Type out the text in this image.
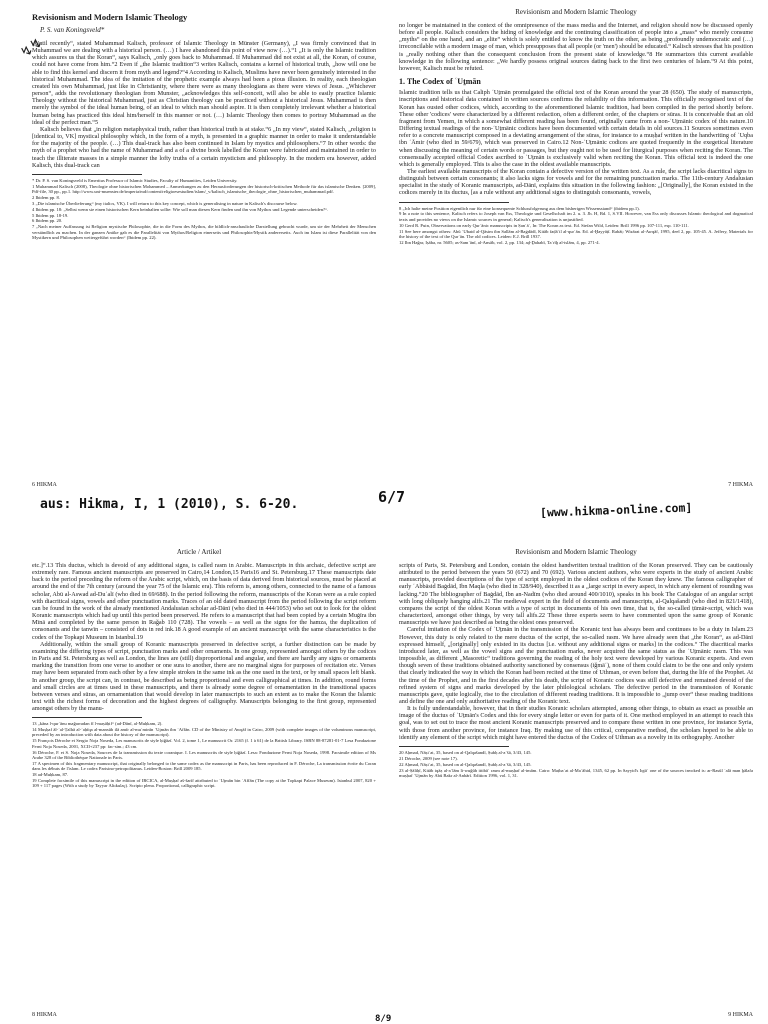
↯↯
Revisionism and Modern Islamic Theology
P. S. van Koningsveld*

„Until recently“, stated Muhammad Kalisch, professor of Islamic Theology in Münster (Germany), „I was firmly convinced that in Muhammad we are dealing with a historical person. (…) I have abandoned this point of view now (…).“1 „It is only the Islamic tradition which assures us that the Koran“, says Kalisch, „only goes back to Muhammad. If Muhammad did not exist at all, the Koran, of course, could not have come from him.“2 Even if „the Islamic tradition“3 writes Kalisch, contains a kernel of historical truth, „how will one be able to find this kernel and discern it from myth and legend?“4 According to Kalisch, Muslims have never been genuinely interested in the historical Muhammad. The idea of the imitation of the prophetic example always had been a pious illusion. In reality, each theologian created his own Muhammad, just like in Christianity, where there were as many theologians as there were views of Jesus. „Whichever person“, adds the revolutionary theologian from Munster, „acknowledges this self-conceit, will also be able to easily practice Islamic Theology without the historical Muhammad, just as Christian theology can be practiced without a historical Jesus. Muhammad is then merely the symbol of the ideal human being, of an ideal to which man should aspire. It is then completely irrelevant whether a historical human being has practiced this ideal him/herself in this manner or not. (…) Islamic Theology then comes to portray Muhammad as the ideal of the perfect man.“5

Kalisch believes that „in religion metaphysical truth, rather than historical truth is at stake.“6 „In my view“, stated Kalisch, „religion is [identical to, VK] mystical philosophy which, in the form of a myth, is presented in a graphic manner in order to make it understandable for the majority of the people. (…) This dual-track has also been continued in Islam by mystics and philosophers.“7 In other words: the myth of a prophet who had the name of Muhammad and a of a divine book labelled the Koran were fabricated and maintained in order to teach the illiterate masses in a simple manner the lofty truths of a certain mysticism and philosophy. In the modern era however, added Kalisch, this dual-track can

* Dr. P. S. van Koningsveld is Emeritus Professor of Islamic Studies, Faculty of Humanities, Leiden University.
1 Muhammad Kalisch (2008), Theologie ohne historischen Mohammed – Anmerkungen zu den Herausforderungen der historisch-kritischen Methode für das islamische Denken. [2009], Pdf-file, 30 pp., pp.1. http://www.uni-muenster.de/imperia/md/content/religioesestudien/islam/_v/kalisch_islamische_theologie_ohne_historischen_muhammad.pdf.
2 Ibidem pp. 8.
3 „Die islamische Überlieferung“ (my italics, VK). I will return to this key concept, which is generalising in nature in Kalisch's discourse below.
4 Ibidem pp. 18: „Selbst wenn sie einen historischen Kern beinhalten sollte: Wie soll man diesen Kern finden und ihn von Mythos und Legende unterscheiden?“.
5 Ibidem pp. 18-19.
6 Ibidem pp. 20.
7 „Nach meiner Auffassung ist Religion mystische Philosophie, die in die Form des Mythos, die bildlich-anschauliche Darstellung gebracht wurde, um sie der Mehrheit der Menschen verständlich zu machen. In der ganzen Antike gab es die Parallelität von Mythos/Religion einerseits und Philosophie/Mystik andererseits. Auch im Islam ist diese Parallelität von den Mystikern und Philosophen weitergeführt worden“ (Ibidem pp. 22).
6 HIKMA
Revisionism and Modern Islamic Theology

no longer be maintained in the context of the omnipresence of the mass media and the Internet, and religion should now be discussed openly before all people. Kalisch considers the hiding of knowledge and the continuing classification of people into a „mass“ who merely consume „myths“ on the one hand, and an „elite“ which is solely entitled to know the truth on the other, as being „profoundly undemocratic and (…) irreconcilable with a modern image of man, which presupposes that all people (or 'men') should be educated.“ Kalisch stresses that his position is „really nothing other than the consequent conclusion from the present state of knowledge.“8 He summarizes this current available knowledge in the following sentence: „We hardly possess original sources dating back to the first two centuries of Islam.“9 At this point, however, Kalisch must be refuted.

1. The Codex of ʿUṯmān

Islamic tradition tells us that Caliph ʿUṯmān promulgated the official text of the Koran around the year 28 (650). The study of manuscripts, inscriptions and historical data contained in written sources confirms the reliability of this information. This officially recognised text of the Koran has ousted other codices, which, according to the aforementioned Islamic tradition, had been compiled in the period shortly before. These other 'codices' were characterized by a different redaction, often a different order, of the chapters or sūras. It is conceivable that an old fragment from Yemen, in which a somewhat different reading has been found, originally came from a non-ʿUṯmānic codex of this nature.10 Differing textual readings of the non-ʿUṯmānic codices have been documented with certain details in old sources.11 Sources sometimes even refer to a concrete manuscript composed in a deviating arrangement of the sūras, for instance to a muṣḥaf written in the handwriting of ʿUqba ibn ʿĀmir (who died in 59/679), which was preserved in Cairo.12 Non-ʿUṯmānic codices are quoted frequently in the exegetical literature when discussing the meaning of certain words or passages, but they ought not to be used for liturgical purposes when reciting the Koran. The consensually accepted official Codex ascribed to ʿUṯmān is exclusively valid when reciting the Koran. This official text is indeed the one which is generally employed. This is also the case in the oldest available manuscripts.

The earliest available manuscripts of the Koran contain a defective version of the written text. As a rule, the script lacks diacritical signs to distinguish between certain consonants; it also lacks signs for vowels and for the remaining punctuation marks. The 11th-century Andalusian specialist in the study of Koranic manuscripts, ad-Dānī, explains this situation in the following fashion: „[Originally], the Koran existed in the codices merely in its ductus, [as a rule without any additional signs to distinguish consonants, vowels,

8 „Ich halte meine Position eigentlich nur für eine konsequente Schlussfolgerung aus dem bisherigen Wissensstand“ (ibidem pp.1).
9 In a note to this sentence, Kalisch refers to Joseph van Ess, Theologie und Gesellschaft im 2. u. 3. Jh. H, Bd. 1, S.VII. However, van Ess only discusses Islamic theological and dogmatical texts and provides no views on the Islamic sources in general; Kalisch's generalisation is unjustified.
10 Gerd R. Puin, Observations on early Qurʾānic manuscripts in Ṣanʿāʾ, In: The Koran as text. Ed. Stefan Wild, Leiden: Brill 1996 pp. 107-111, esp. 110-111.
11 See here amongst others: Abū ʿUbaid al-Qāsim ibn Sallām al-Baġdādī, Kitāb faḍāʾil al-qurʾān. Ed. al-Ḫayyāṭī. Rabāṭ: Wizārat al-Awqāf, 1995, deel 2, pp. 105-45. A. Jeffery, Materials for the history of the text of the Qurʾān. The old codices. Leiden: E.J. Brill 1937.
12 Ibn Haǧar, Iṣāba, nr. 5605; as-Samʿānī, al-Ansāb, vol. 2, pp. 134; aḏ-Ḏahabī, Taʾrīḫ al-islām, 4, pp. 271-4.
7 HIKMA
aus: Hikma, I, 1 (2010), S. 6-20.	6/7
[www.hikma-online.com]
Article / Artikel

etc.]“.13 This ductus, which is devoid of any additional signs, is called rasm in Arabic. Manuscripts in this archaic, defective script are extremely rare. Famous ancient manuscripts are preserved in Cairo,14 London,15 Paris16 and St. Petersburg.17 These manuscripts date back to the period preceding the reform of the Arabic script, which, on the basis of data derived from historical sources, must be placed at around the end of the 7th century (around the year 75 of the Islamic era). This reform is, among others, connected to the name of a famous scholar, Abū al-Aswad ad-Duʾalī (who died in 69/688). In the period following the reform, manuscripts of the Koran were as a rule copied with diacritical signs, vowels and other punctuation marks. Traces of an old dated manuscript from the period following the script reform can be found in the work of the already mentioned Andalusian scholar ad-Dānī (who died in 444/1053) who set out to look for the oldest Koranic manuscripts which had up until this period been preserved. He refers to a manuscript that had been copied by a certain Muġīra ibn Mīnā and completed by the same person in Raǧab 110 (728). The vowels – as well as the signs for the hamza, the duplication of consonants and the tanwīn – consisted of dots in red ink.18 A good example of an ancient manuscript with the same characteristics is the codex of the Topkapi Museum in Istanbul.19

Additionally, within the small group of Koranic manuscripts preserved in defective script, a further distinction can be made by examining the differing types of script, punctuation marks and other ornaments. In one group, represented amongst others by the codices in Paris and St. Petersburg as well as London, the lines are (still) disproportional and angular, and there are hardly any signs or ornaments marking the transition from one verse to another or one sura to another, there are no marginal signs for purposes of recitation etc. Verses may have been separated from each other by a few simple strokes in the same ink as the one used in the text, or by small spaces left blank. In another group, the script can, in contrast, be described as being proportional and even calligraphical at times. In addition, round forms and small circles are at times used in these manuscripts, and there is already some degree of ornamentation in the transitional spaces between verses and sūras, an ornamentation that would develop in later manuscripts to such an extent as to make the Koran the Islamic text with the richest forms of decoration and the highest degrees of calligraphy. Manuscripts belonging to the first group, represented amongst others by the manu-

13 „kāna l-qurʾānu maǧarradan fī l-maṣāḥif“ (ad-Dānī, al-Muḥkam, 2).
14 Muṣḥaf āl-ʿal-Ṭalhā al-ʿaḥīqa al-mansūb ilā amīr al-muʾminīn ʿUṯmān ibn ʿAffān. CD of the Ministry of Awqāf in Cairo, 2009 (with complete images of the voluminous manuscript, preceded by an introduction with data about the history of the manuscript).
15 François Déroche et Sergio Noja Noseda, Les manuscrits de style ḥiǧāzī. Vol. 2, tome 1, Le manuscrit Or. 2165 (f. 1 à 61) de la British Library. ISBN 88-87281-01-7 Lesa Fondazione Ferni Noja Noseda, 2001, XCII+237 pp: fac-sim.; 43 cm.
16 Déroche, F. et S. Noja Noseda, Sources de la transmission du texte coranique. I. Les manuscrits de style ḥiǧāzī. Lesa: Fondazione Ferni Noja Noseda, 1998. Facsimile edition of Ms Arabe 328 of the Bibliothèque Nationale in Paris.
17 A specimen of this fragmentary manuscript, that originally belonged to the same codex as the manuscript in Paris, has been reproduced in F. Déroche, La transmission écrite du Coran dans les débuts de l'islam. Le codex Parisino-petropolitanus. Leiden-Boston: Brill 2009 185.
18 ad-Muḥkam, 87.
19 Complete facsimile of this manuscript in the edition of IRCICA, al-Muṣḥaf aš-šarīf attributed to ʿUṯmān bin ʿAffān (The copy at the Topkapi Palace Museum). Istanbul 2007, 820 + 109 + 117 pages (With a study by Tayyar Altıkulaç). Scripto plena. Proportional, calligraphic script.
8 HIKMA
Revisionism and Modern Islamic Theology

scripts of Paris, St. Petersburg and London, contain the oldest handwritten textual tradition of the Koran preserved. They can be cautiously attributed to the period between the years 50 (672) and 70 (692). Various ancient authors, who were experts in the study of ancient Arabic manuscripts, provided descriptions of the type of script employed in the oldest codices of the Koran they knew. The famous calligrapher of early ʿAbbāsid Baġdād, Ibn Maqla (who died in 328/940), described it as a „large script in every aspect, in which any element of rounding was lacking.“20 The bibliographer of Baġdād, Ibn an-Nadīm (who died around 400/1010), speaks in his book The Catalogue of an angular script with long obliquely hanging alifs.21 The medieval expert in the field of documents and manuscripts, al-Qalqašandī (who died in 821/1418), compares the script of the oldest Koran with a type of script in documents of his own time, that is, the so-called ṭūmār-script, which was characterized, amongst other things, by very tall alifs.22 These three experts seem to have commented upon the same group of Koranic manuscripts we have just described as being the oldest ones preserved.

Careful imitation of the Codex of ʿUṯmān in the transmission of the Koranic text has always been and continues to be a duty in Islam.23 However, this duty is only related to the mere ductus of the script, the so-called rasm. We have already seen that „the Koran“, as ad-Dānī expressed himself, „[originally] only existed in its ductus [i.e. without any additional signs or marks] in the codices.“ The diacritical marks introduced later, as well as the vowel signs and the punctuation marks, never acquired the same status as the ʿUṯmānic rasm. This was impossible, as different „Masoretic“ traditions governing the reading of the holy text were developed by various Koranic experts. And even though seven of these traditions obtained authority sanctioned by consensus (iǧmāʿ), none of them could claim to be the one and only system that clearly indicated the way in which the Koran had been recited at the time of Uthman, or even before that, during the life of the Prophet. At the time of the Prophet, and in the first decades after his death, the script of Koranic codices was still defective and remained devoid of the refined system of signs and marks developed by the later philological scholars. The defective period in the transmission of Koranic manuscripts gave, quite logically, rise to the circulation of different reading traditions. It is impossible to „jump over“ these reading traditions and define the one and only authoritative reading of the Koranic text.

It is fully understandable, however, that in their studies Koranic scholars attempted, among other things, to obtain as exact as possible an image of the ductus of ʿUṯmān's Codex and this for every single letter or even for parts of it. One method employed in an attempt to reach this goal, was to set out to trace the most ancient Koranic manuscripts preserved and to compare these written in one province, for instance Syria, with those from another province, for instance Iraq. By making use of this critical, comparative method, the scholars hoped to be able to identify any element of the script which might have entered the ductus of the Codex of Uthman as a novelty in its orthography. Another

20 Aḥmad, Nāṣiʿat, 35, based on al-Qalqašandī, Ṣubḥ al-aʿšā, 3/43, 145.
21 Déroche, 2009 (see note 17).
22 Aḥmad, Nāṣiʿat, 35, based on al-Qalqašandī, Ṣubḥ al-aʿšā, 3/43, 145.
23 al-Ṣāliḥī, Kitāb iqāẓ al-aʿlām li-wuǧūb ittibāʿ rasm al-muṣḥaf al-imām. Cairo: Maṭbaʿat al-Maʿāhid, 1345, 62 pp. In Sayyid's Iqṭāʿ one of the sources invoked is: ar-Rasūl ʿalā man ḫālafa muṣḥaf ʿUṯmān by Abū Bakr al-Anbārī. Edition 1996, vol. 1, 31.
9 HIKMA
8/9
